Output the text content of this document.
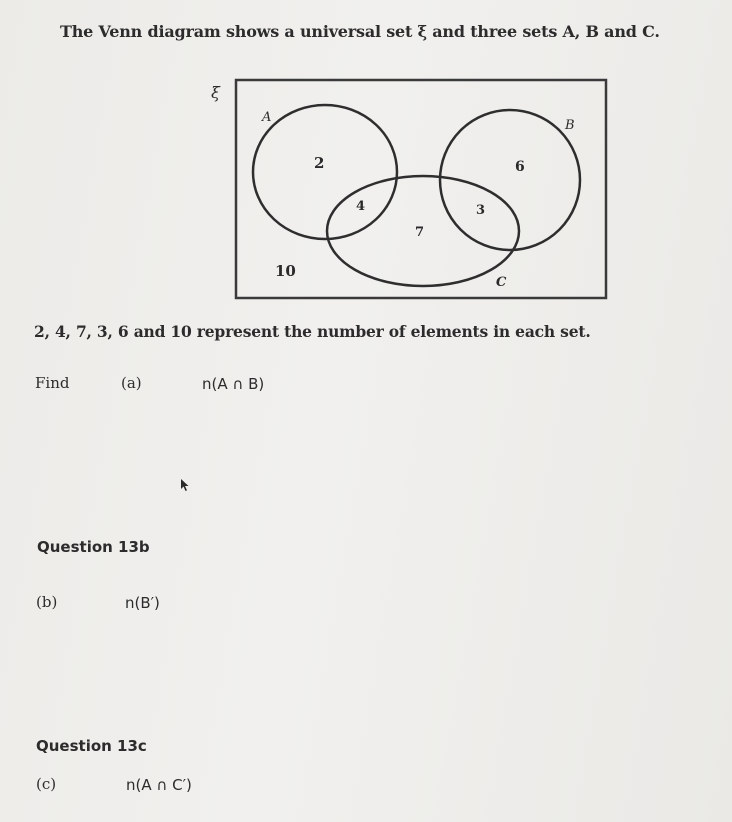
The Venn diagram shows a universal set ξ and three sets A, B and C.
ξ
A
B
C
2	6
4	3
7
10
2, 4, 7, 3, 6 and 10 represent the number of elements in each set.
Find	(a)	n(A ∩ B)
Question 13b
(b)	n(B′)
Question 13c
(c)	n(A ∩ C′)
